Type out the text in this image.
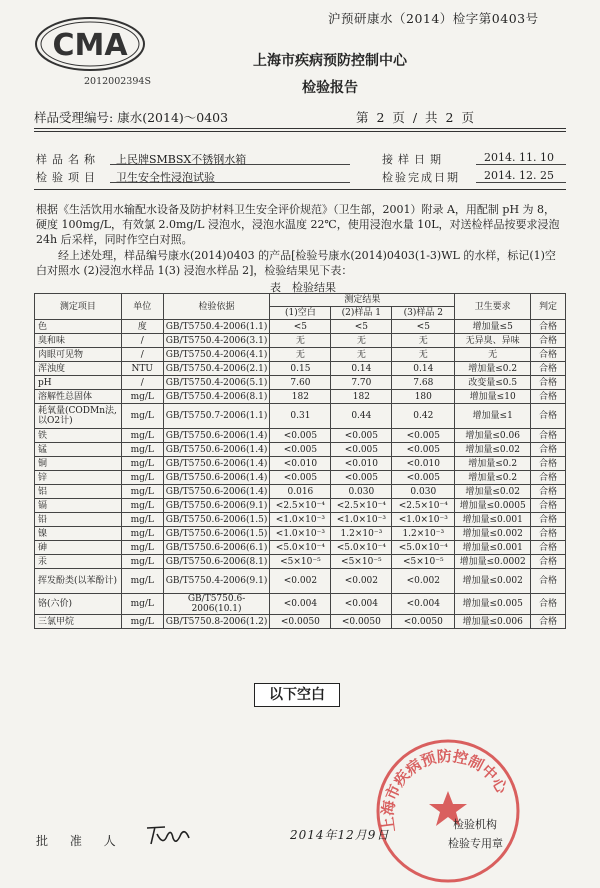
沪预研康水（2014）检字第0403号
CMA
2012002394S
上海市疾病预防控制中心
检验报告
样品受理编号: 康水(2014)～0403	第 2 页 / 共 2 页
样品名称 上民牌SMBSX不锈钢水箱	接样日期	2014. 11. 10
检验项目 卫生安全性浸泡试验	检验完成日期 2014. 12. 25
根据《生活饮用水输配水设备及防护材料卫生安全评价规范》（卫生部，2001）附录 A，用配制 pH 为 8，硬度 100mg/L，有效氯 2.0mg/L 浸泡水，浸泡水温度 22℃，使用浸泡水量 10L，对送检样品按要求浸泡 24h 后采样，同时作空白对照。
经上述处理，样品编号康水(2014)0403 的产品[检验号康水(2014)0403(1-3)WL 的水样，标记(1)空白对照水 (2)浸泡水样品 1(3) 浸泡水样品 2]，检验结果见下表：
表　检验结果
测定项目	单位	检验依据	测定结果			卫生要求	判定
			(1)空白	(2)样品 1	(3)样品 2		
色	度	GB/T5750.4-2006(1.1)	<5	<5	<5	增加量≤5	合格
臭和味	/	GB/T5750.4-2006(3.1)	无	无	无	无异臭、异味	合格
肉眼可见物	/	GB/T5750.4-2006(4.1)	无	无	无	无	合格
浑浊度	NTU	GB/T5750.4-2006(2.1)	0.15	0.14	0.14	增加量≤0.2	合格
pH	/	GB/T5750.4-2006(5.1)	7.60	7.70	7.68	改变量≤0.5	合格
溶解性总固体	mg/L	GB/T5750.4-2006(8.1)	182	182	180	增加量≤10	合格
耗氧量(CODMn法,以O2计)	mg/L	GB/T5750.7-2006(1.1)	0.31	0.44	0.42	增加量≤1	合格
铁	mg/L	GB/T5750.6-2006(1.4)	<0.005	<0.005	<0.005	增加量≤0.06	合格
锰	mg/L	GB/T5750.6-2006(1.4)	<0.005	<0.005	<0.005	增加量≤0.02	合格
铜	mg/L	GB/T5750.6-2006(1.4)	<0.010	<0.010	<0.010	增加量≤0.2	合格
锌	mg/L	GB/T5750.6-2006(1.4)	<0.005	<0.005	<0.005	增加量≤0.2	合格
铝	mg/L	GB/T5750.6-2006(1.4)	0.016	0.030	0.030	增加量≤0.02	合格
镉	mg/L	GB/T5750.6-2006(9.1)	<2.5×10⁻⁴	<2.5×10⁻⁴	<2.5×10⁻⁴	增加量≤0.0005	合格
铅	mg/L	GB/T5750.6-2006(1.5)	<1.0×10⁻³	<1.0×10⁻³	<1.0×10⁻³	增加量≤0.001	合格
镍	mg/L	GB/T5750.6-2006(1.5)	<1.0×10⁻³	1.2×10⁻³	1.2×10⁻³	增加量≤0.002	合格
砷	mg/L	GB/T5750.6-2006(6.1)	<5.0×10⁻⁴	<5.0×10⁻⁴	<5.0×10⁻⁴	增加量≤0.001	合格
汞	mg/L	GB/T5750.6-2006(8.1)	<5×10⁻⁵	<5×10⁻⁵	<5×10⁻⁵	增加量≤0.0002	合格
挥发酚类(以苯酚计)	mg/L	GB/T5750.4-2006(9.1)	<0.002	<0.002	<0.002	增加量≤0.002	合格
铬(六价)	mg/L	GB/T5750.6-2006(10.1)	<0.004	<0.004	<0.004	增加量≤0.005	合格
三氯甲烷	mg/L	GB/T5750.8-2006(1.2)	<0.0050	<0.0050	<0.0050	增加量≤0.006	合格
上海市疾病预防控制中心
以下空白
批 准 人	2014年12月9日
检验机构
检验专用章
